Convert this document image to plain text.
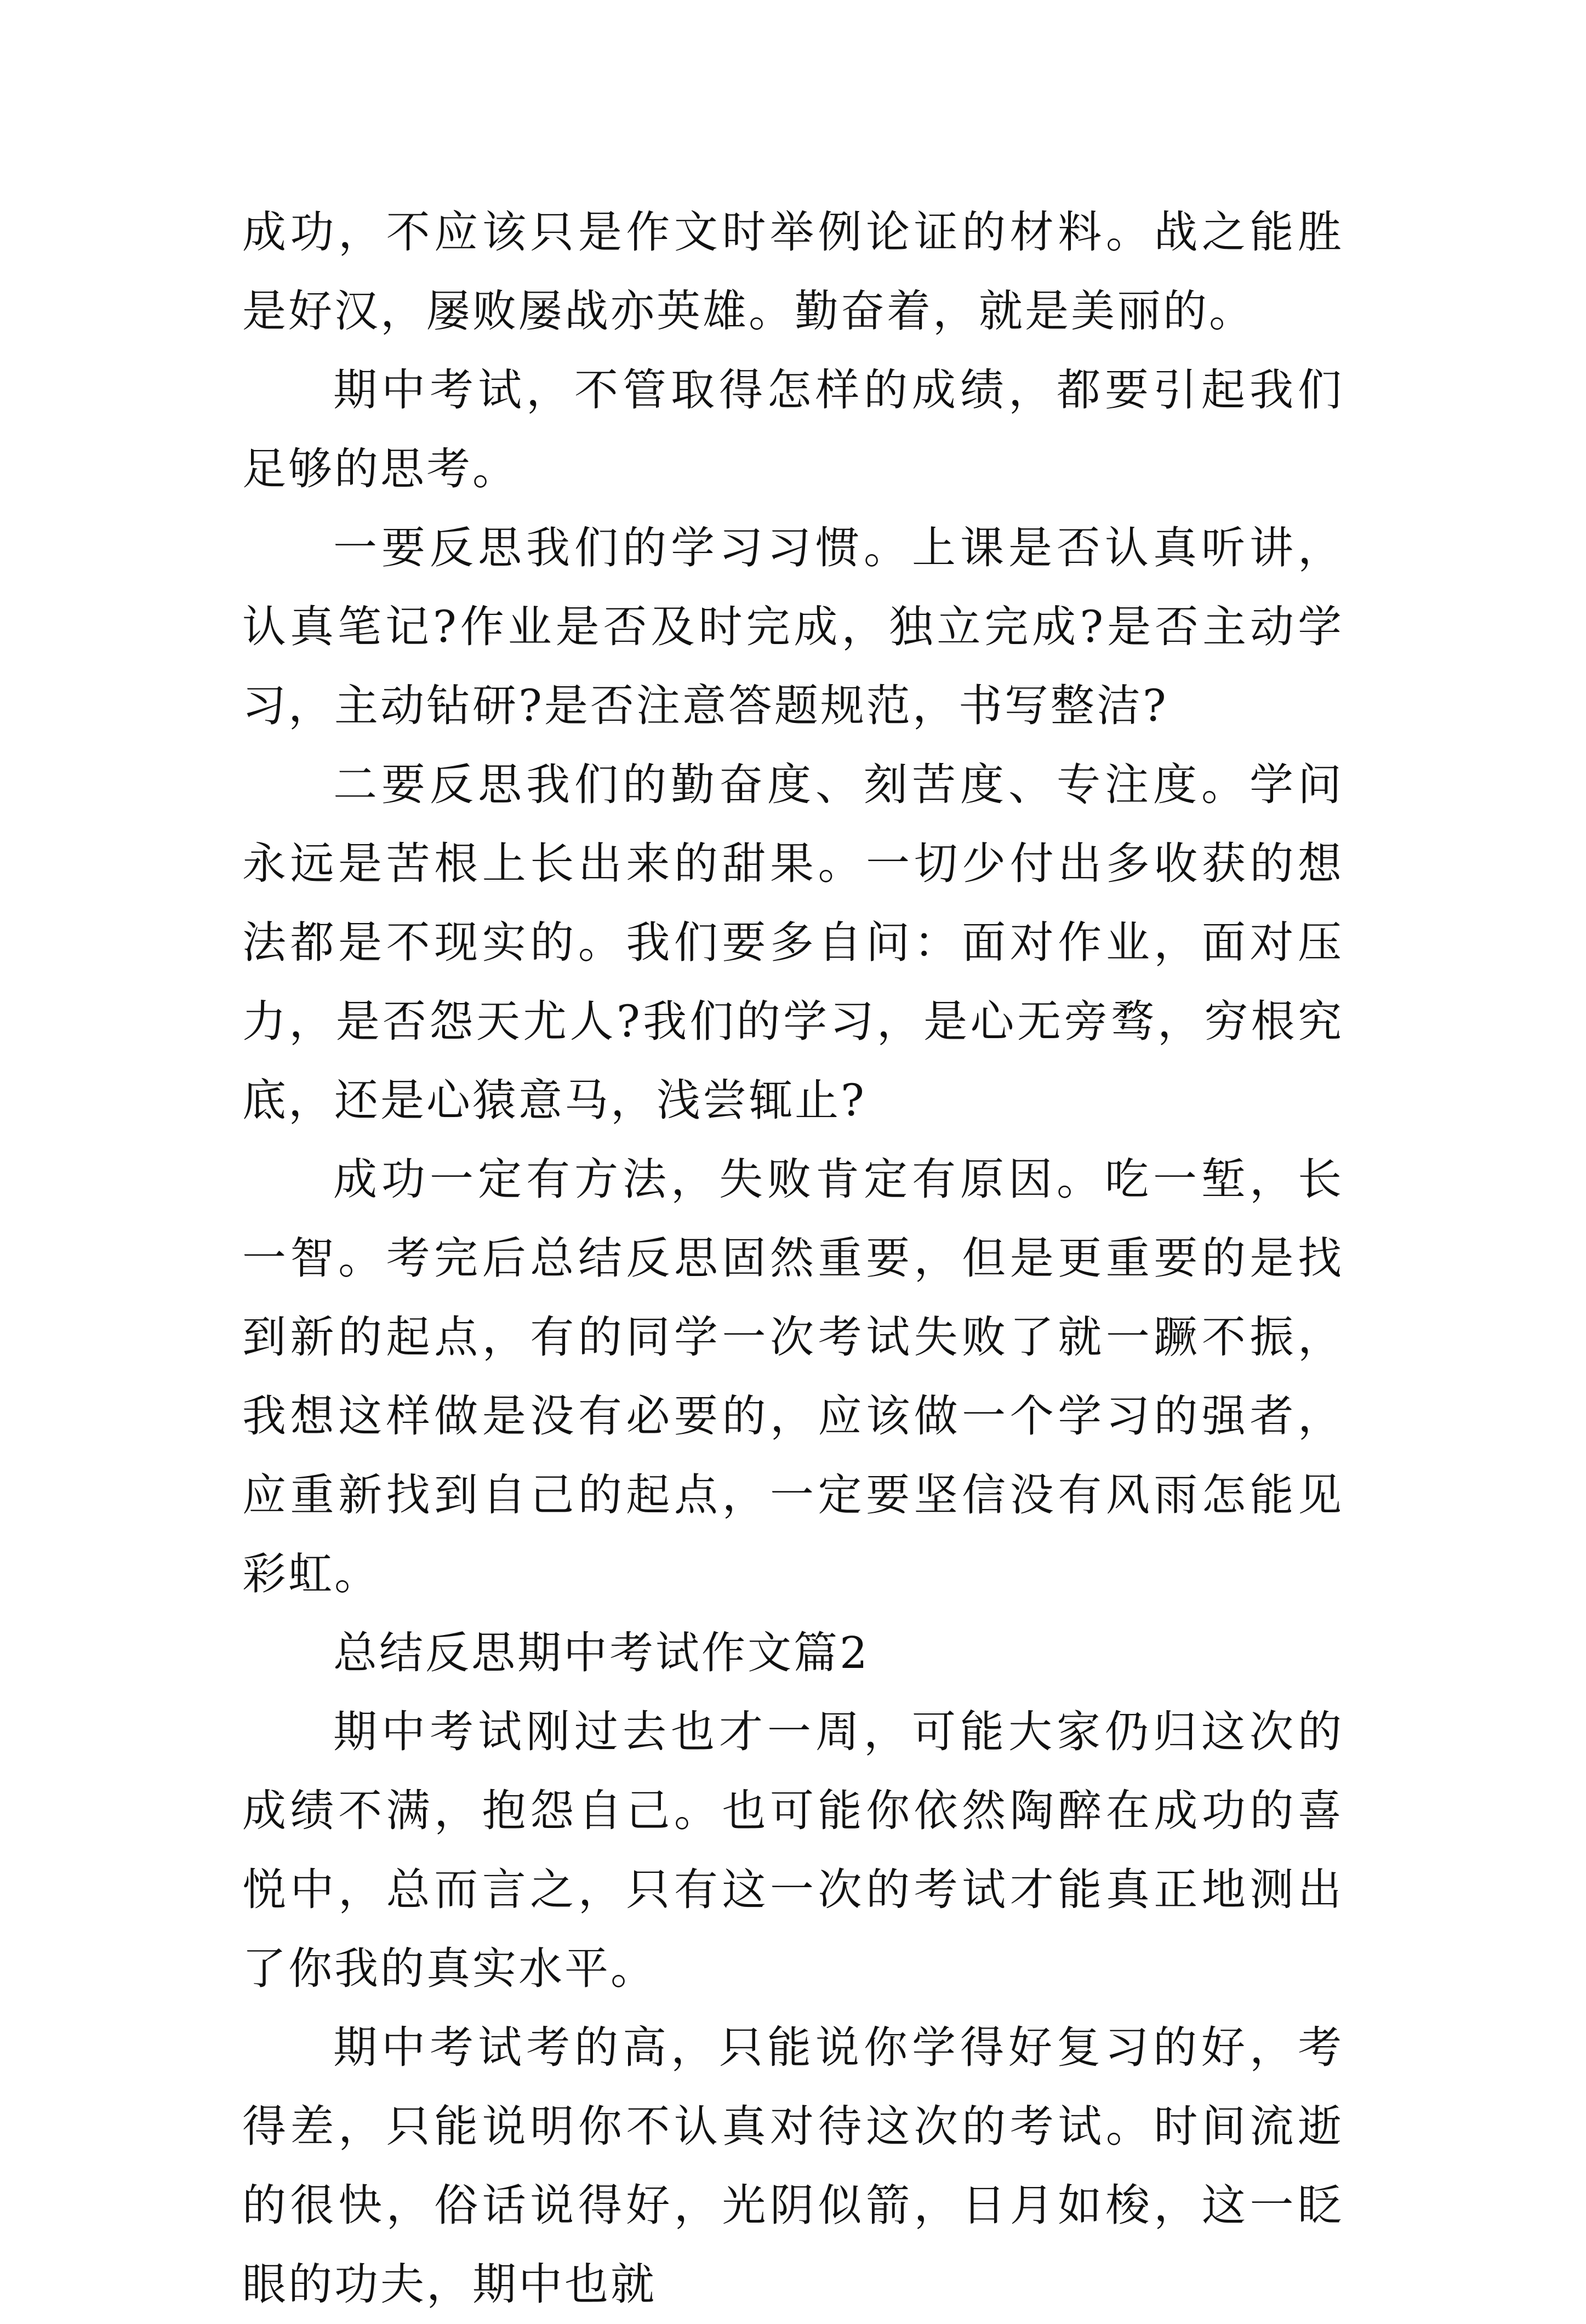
成功，不应该只是作文时举例论证的材料。战之能胜是好汉，屡败屡战亦英雄。勤奋着，就是美丽的。

期中考试，不管取得怎样的成绩，都要引起我们足够的思考。

一要反思我们的学习习惯。上课是否认真听讲，认真笔记?作业是否及时完成，独立完成?是否主动学习，主动钻研?是否注意答题规范，书写整洁?

二要反思我们的勤奋度、刻苦度、专注度。学问永远是苦根上长出来的甜果。一切少付出多收获的想法都是不现实的。我们要多自问：面对作业，面对压力，是否怨天尤人?我们的学习，是心无旁骛，穷根究底，还是心猿意马，浅尝辄止?

成功一定有方法，失败肯定有原因。吃一堑，长一智。考完后总结反思固然重要，但是更重要的是找到新的起点，有的同学一次考试失败了就一蹶不振，我想这样做是没有必要的，应该做一个学习的强者，应重新找到自己的起点，一定要坚信没有风雨怎能见彩虹。

总结反思期中考试作文篇2

期中考试刚过去也才一周，可能大家仍归这次的成绩不满，抱怨自己。也可能你依然陶醉在成功的喜悦中，总而言之，只有这一次的考试才能真正地测出了你我的真实水平。

期中考试考的高，只能说你学得好复习的好，考得差，只能说明你不认真对待这次的考试。时间流逝的很快，俗话说得好，光阴似箭，日月如梭，这一眨眼的功夫，期中也就
